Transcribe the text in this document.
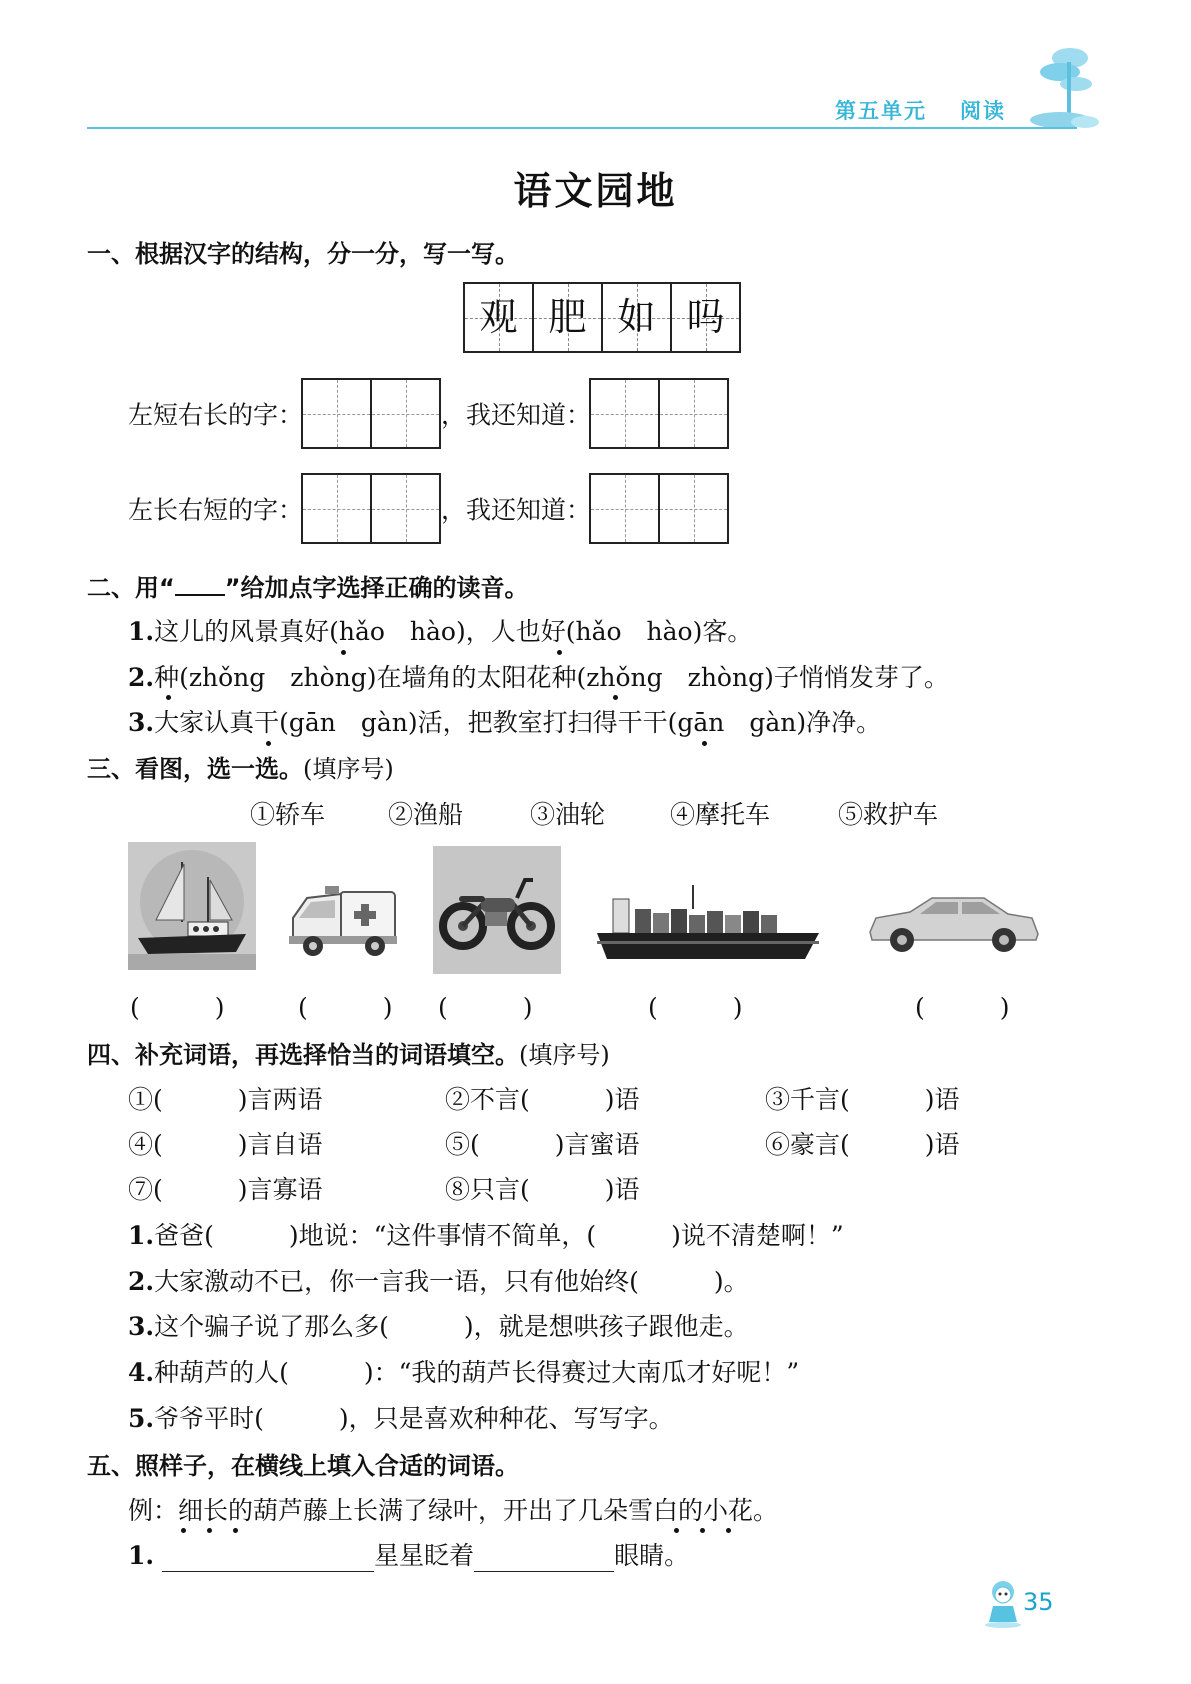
第五单元 阅读
语文园地
一、根据汉字的结构，分一分，写一写。
观 肥 如 吗
左短右长的字：	，我还知道：
左长右短的字：	，我还知道：
二、用“ ”给加点字选择正确的读音。
1.这儿的风景真好(hǎo　hào)，人也好(hǎo　hào)客。
2.种(zhǒng　zhòng)在墙角的太阳花种(zhǒng　zhòng)子悄悄发芽了。
3.大家认真干(gān　gàn)活，把教室打扫得干干(gān　gàn)净净。
三、看图，选一选。(填序号)
①轿车	②渔船	③油轮	④摩托车	⑤救护车
(　　　)	(　　　) (　　　)	(　　　)	(　　　)
四、补充词语，再选择恰当的词语填空。(填序号)
①(　　　)言两语	②不言(　　　)语	③千言(　　　)语
④(　　　)言自语	⑤(　　　)言蜜语	⑥豪言(　　　)语
⑦(　　　)言寡语	⑧只言(　　　)语
1.爸爸(　　　)地说：“这件事情不简单，(　　　)说不清楚啊！”
2.大家激动不已，你一言我一语，只有他始终(　　　)。
3.这个骗子说了那么多(　　　)，就是想哄孩子跟他走。
4.种葫芦的人(　　　)：“我的葫芦长得赛过大南瓜才好呢！”
5.爷爷平时(　　　)，只是喜欢种种花、写写字。
五、照样子，在横线上填入合适的词语。
例：细长的葫芦藤上长满了绿叶，开出了几朵雪白的小花。
1.	星星眨着	眼睛。
35
